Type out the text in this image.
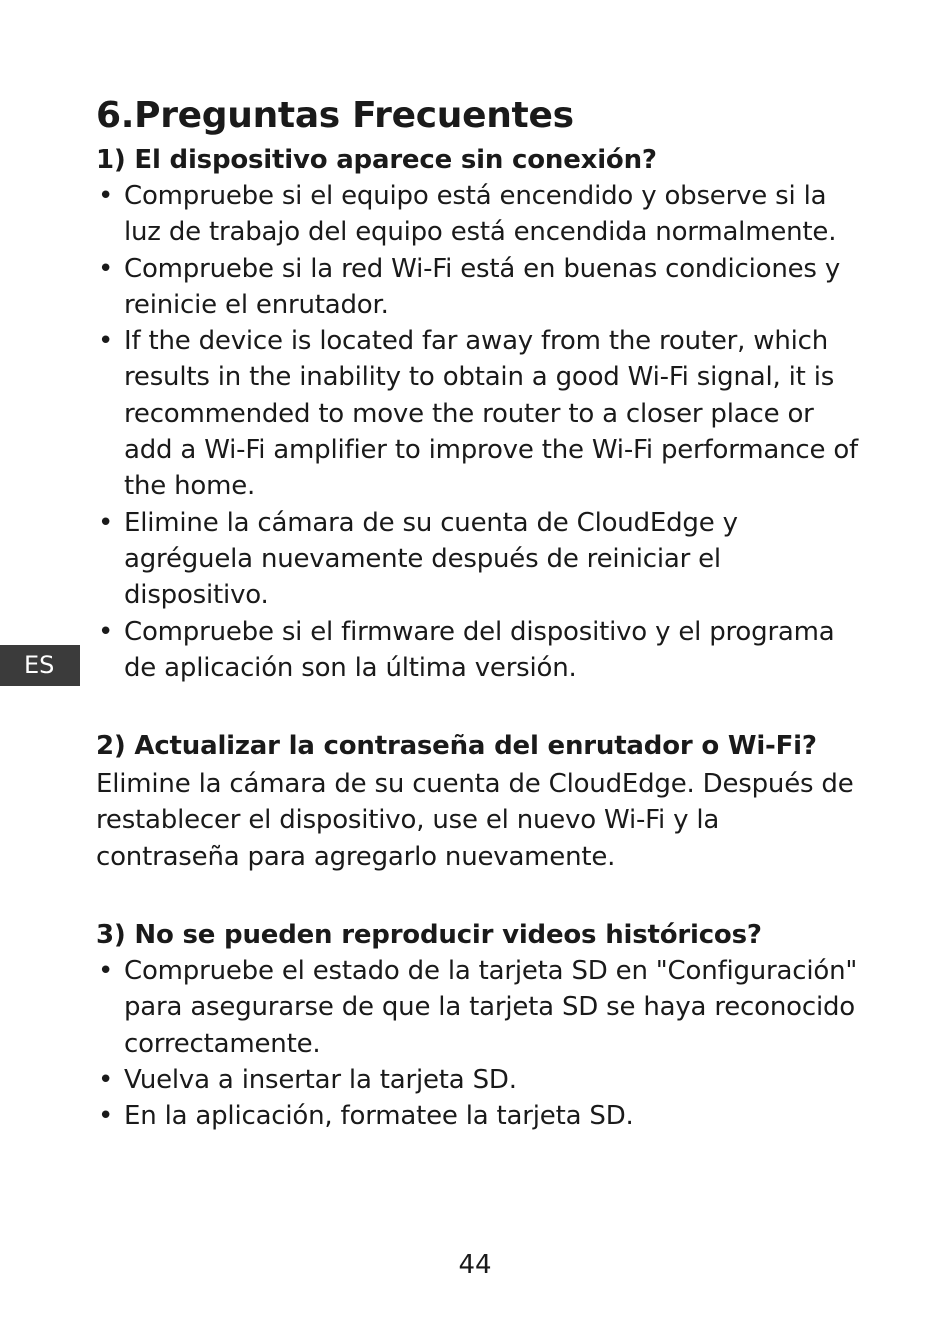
6.Preguntas Frecuentes
1) El dispositivo aparece sin conexión?
• Compruebe si el equipo está encendido y observe si la luz de trabajo del equipo está encendida normalmente.
• Compruebe si la red Wi-Fi está en buenas condiciones y reinicie el enrutador.
• If the device is located far away from the router, which results in the inability to obtain a good Wi-Fi signal, it is recommended to move the router to a closer place or add a Wi-Fi amplifier to improve the Wi-Fi performance of the home.
• Elimine la cámara de su cuenta de CloudEdge y agréguela nuevamente después de reiniciar el dispositivo.
• Compruebe si el firmware del dispositivo y el programa de aplicación son la última versión.
2) Actualizar la contraseña del enrutador o Wi-Fi?

Elimine la cámara de su cuenta de CloudEdge. Después de restablecer el dispositivo, use el nuevo Wi-Fi y la contraseña para agregarlo nuevamente.

3) No se pueden reproducir videos históricos?
• Compruebe el estado de la tarjeta SD en "Configuración" para asegurarse de que la tarjeta SD se haya reconocido correctamente.
• Vuelva a insertar la tarjeta SD.
• En la aplicación, formatee la tarjeta SD.
ES
44
